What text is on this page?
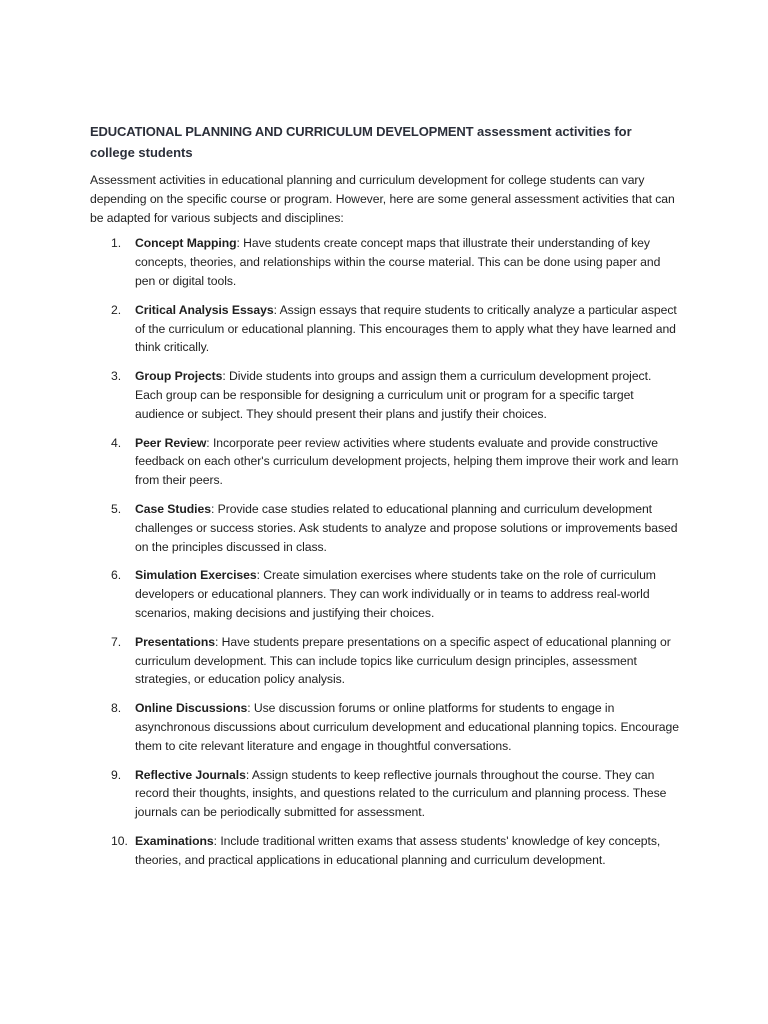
EDUCATIONAL PLANNING AND CURRICULUM DEVELOPMENT assessment activities for college students

Assessment activities in educational planning and curriculum development for college students can vary depending on the specific course or program. However, here are some general assessment activities that can be adapted for various subjects and disciplines:

1.	Concept Mapping: Have students create concept maps that illustrate their understanding of key concepts, theories, and relationships within the course material. This can be done using paper and pen or digital tools.
2.	Critical Analysis Essays: Assign essays that require students to critically analyze a particular aspect of the curriculum or educational planning. This encourages them to apply what they have learned and think critically.
3.	Group Projects: Divide students into groups and assign them a curriculum development project. Each group can be responsible for designing a curriculum unit or program for a specific target audience or subject. They should present their plans and justify their choices.
4.	Peer Review: Incorporate peer review activities where students evaluate and provide constructive feedback on each other's curriculum development projects, helping them improve their work and learn from their peers.
5.	Case Studies: Provide case studies related to educational planning and curriculum development challenges or success stories. Ask students to analyze and propose solutions or improvements based on the principles discussed in class.
6.	Simulation Exercises: Create simulation exercises where students take on the role of curriculum developers or educational planners. They can work individually or in teams to address real-world scenarios, making decisions and justifying their choices.
7.	Presentations: Have students prepare presentations on a specific aspect of educational planning or curriculum development. This can include topics like curriculum design principles, assessment strategies, or education policy analysis.
8.	Online Discussions: Use discussion forums or online platforms for students to engage in asynchronous discussions about curriculum development and educational planning topics. Encourage them to cite relevant literature and engage in thoughtful conversations.
9.	Reflective Journals: Assign students to keep reflective journals throughout the course. They can record their thoughts, insights, and questions related to the curriculum and planning process. These journals can be periodically submitted for assessment.
10. Examinations: Include traditional written exams that assess students' knowledge of key concepts, theories, and practical applications in educational planning and curriculum development.
